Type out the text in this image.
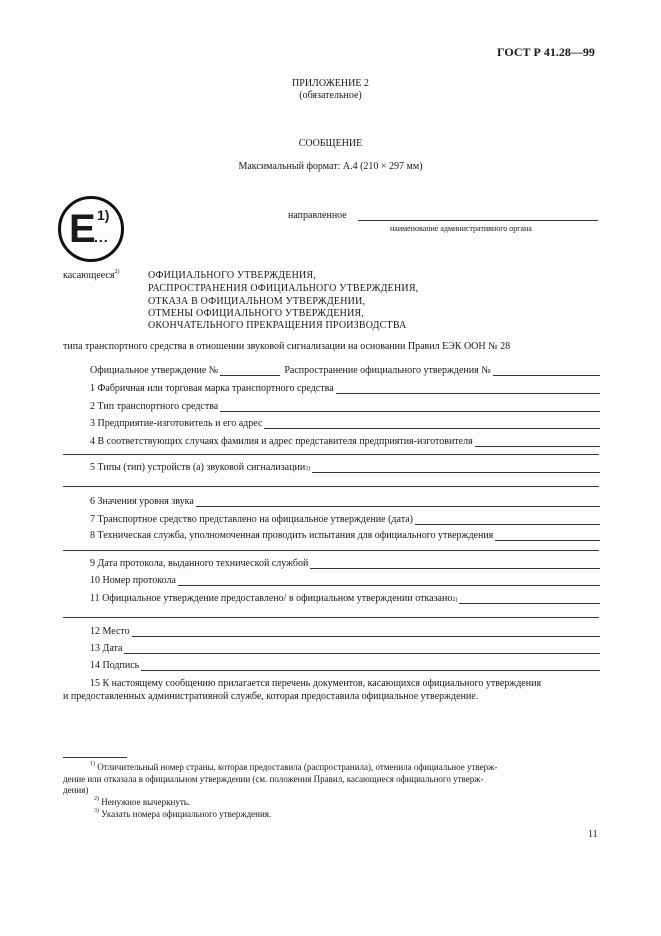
ГОСТ Р 41.28—99
ПРИЛОЖЕНИЕ 2
(обязательное)
СООБЩЕНИЕ
Максимальный формат: А.4 (210 × 297 мм)
E 1)
...
направленное
наименование административного органа
касающееся$^{2)}$	ОФИЦИАЛЬНОГО УТВЕРЖДЕНИЯ,
РАСПРОСТРАНЕНИЯ ОФИЦИАЛЬНОГО УТВЕРЖДЕНИЯ,
ОТКАЗА В ОФИЦИАЛЬНОМ УТВЕРЖДЕНИИ,
ОТМЕНЫ ОФИЦИАЛЬНОГО УТВЕРЖДЕНИЯ,
ОКОНЧАТЕЛЬНОГО ПРЕКРАЩЕНИЯ ПРОИЗВОДСТВА
типа транспортного средства в отношении звуковой сигнализации на основании Правил ЕЭК ООН № 28
Официальное утверждение №	Распространение официального утверждения №
1 Фабричная или торговая марка транспортного средства
2 Тип транспортного средства
3 Предприятие-изготовитель и его адрес
4 В соответствующих случаях фамилия и адрес представителя предприятия-изготовителя
5 Типы (тип) устройств (а) звуковой сигнализации$^{3)}$
6 Значения уровня звука
7 Транспортное средство представлено на официальное утверждение (дата)
8 Техническая служба, уполномоченная проводить испытания для официального утверждения
9 Дата протокола, выданного технической службой
10 Номер протокола
11 Официальное утверждение предоставлено/ в официальном утверждении отказано$^{2)}$
12 Место
13 Дата
14 Подпись
15 К настоящему сообщению прилагается перечень документов, касающихся официального утверждения
и предоставленных административной службе, которая предоставила официальное утверждение.
$^{1)}$ Отличительный номер страны, которая предоставила (распространила), отменила официальное утверж-
дение или отказала в официальном утверждении (см. положения Правил, касающиеся официального утверж-
дения)
$^{2)}$ Ненужное вычеркнуть.
$^{3)}$ Указать номера официального утверждения.
11
